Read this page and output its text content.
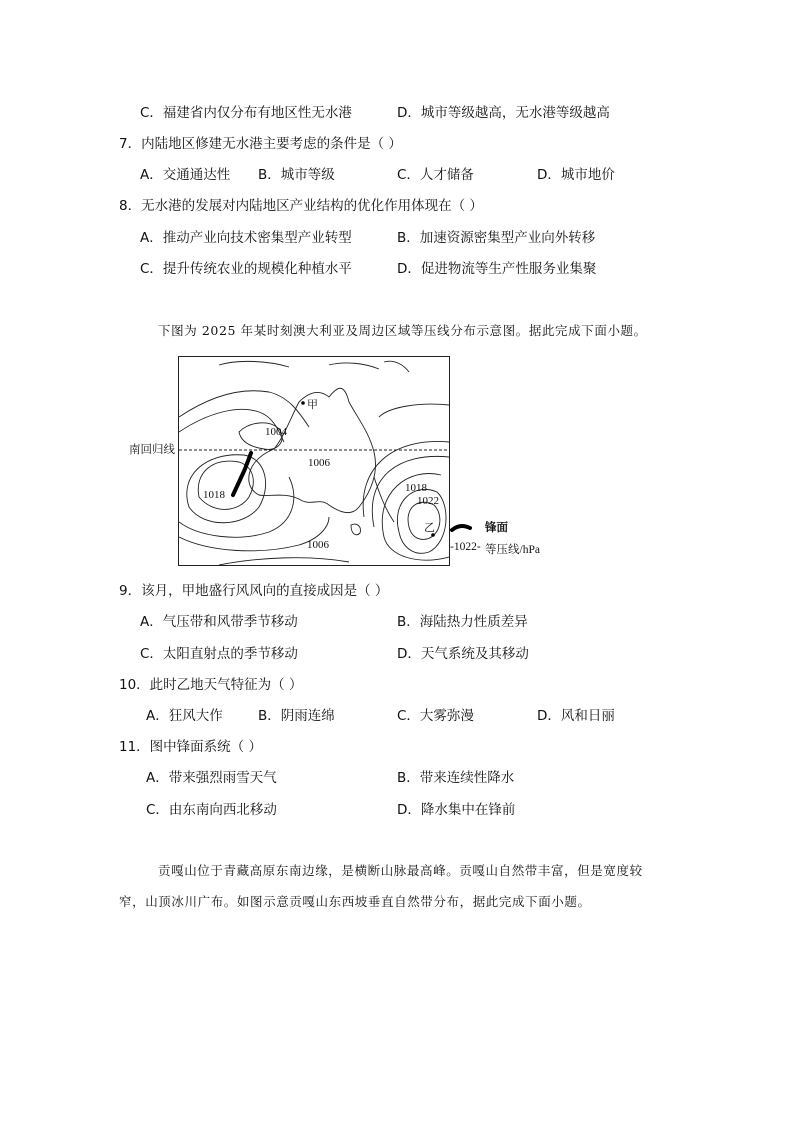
C．福建省内仅分布有地区性无水港	D．城市等级越高，无水港等级越高
7．内陆地区修建无水港主要考虑的条件是（ ）
A．交通通达性 B．城市等级	C．人才储备	D．城市地价
8．无水港的发展对内陆地区产业结构的优化作用体现在（ ）
A．推动产业向技术密集型产业转型	B．加速资源密集型产业向外转移
C．提升传统农业的规模化种植水平	D．促进物流等生产性服务业集聚
下图为 2025 年某时刻澳大利亚及周边区域等压线分布示意图。据此完成下面小题。
甲
1004
1006
1018
1018
1022
1006
乙
南回归线
锋面
-1022- 等压线/hPa
9．该月，甲地盛行风风向的直接成因是（ ）
A．气压带和风带季节移动	B．海陆热力性质差异
C．太阳直射点的季节移动	D．天气系统及其移动
10．此时乙地天气特征为（ ）
A．狂风大作	B．阴雨连绵	C．大雾弥漫	D．风和日丽
11．图中锋面系统（ ）
A．带来强烈雨雪天气	B．带来连续性降水
C．由东南向西北移动	D．降水集中在锋前
贡嘎山位于青藏高原东南边缘，是横断山脉最高峰。贡嘎山自然带丰富，但是宽度较
窄，山顶冰川广布。如图示意贡嘎山东西坡垂直自然带分布，据此完成下面小题。
